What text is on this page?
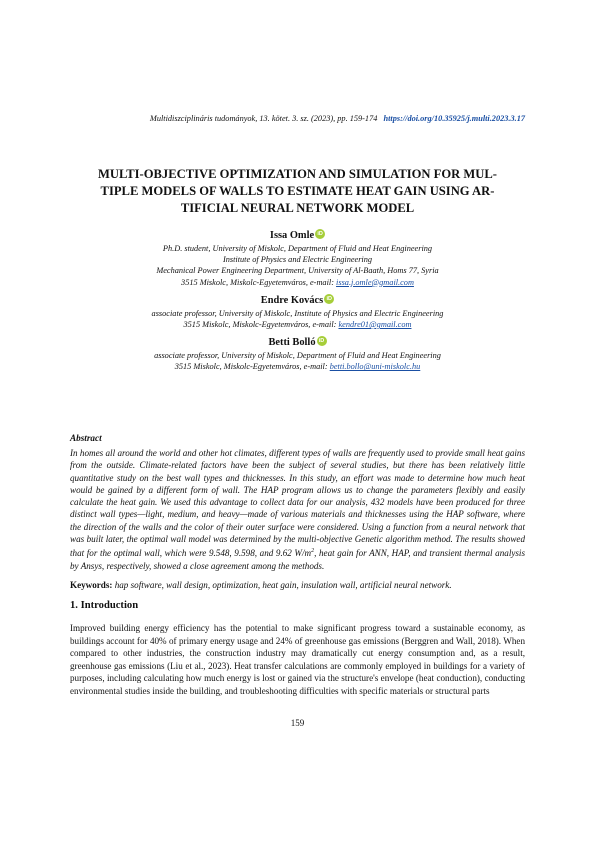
Multidiszciplináris tudományok, 13. kötet. 3. sz. (2023), pp. 159-174 https://doi.org/10.35925/j.multi.2023.3.17
MULTI-OBJECTIVE OPTIMIZATION AND SIMULATION FOR MUL-
TIPLE MODELS OF WALLS TO ESTIMATE HEAT GAIN USING AR-
TIFICIAL NEURAL NETWORK MODEL
Issa Omle iD
Ph.D. student, University of Miskolc, Department of Fluid and Heat Engineering
Institute of Physics and Electric Engineering
Mechanical Power Engineering Department, University of Al-Baath, Homs 77, Syria
3515 Miskolc, Miskolc-Egyetemváros, e-mail: issa.j.omle@gmail.com
Endre Kovács iD
associate professor, University of Miskolc, Institute of Physics and Electric Engineering
3515 Miskolc, Miskolc-Egyetemváros, e-mail: kendre01@gmail.com
Betti Bolló iD
associate professor, University of Miskolc, Department of Fluid and Heat Engineering
3515 Miskolc, Miskolc-Egyetemváros, e-mail: betti.bollo@uni-miskolc.hu
Abstract

In homes all around the world and other hot climates, different types of walls are frequently used to provide small heat gains from the outside. Climate-related factors have been the subject of several studies, but there has been relatively little quantitative study on the best wall types and thicknesses. In this study, an effort was made to determine how much heat would be gained by a different form of wall. The HAP program allows us to change the parameters flexibly and easily calculate the heat gain. We used this advantage to collect data for our analysis, 432 models have been produced for three distinct wall types—light, medium, and heavy—made of various materials and thicknesses using the HAP software, where the direction of the walls and the color of their outer surface were considered. Using a function from a neural network that was built later, the optimal wall model was determined by the multi-objective Genetic algorithm method. The results showed that for the optimal wall, which were 9.548, 9.598, and 9.62 $W/m^2$, heat gain for ANN, HAP, and transient thermal analysis by Ansys, respectively, showed a close agreement among the methods.

Keywords: hap software, wall design, optimization, heat gain, insulation wall, artificial neural network.
1. Introduction

Improved building energy efficiency has the potential to make significant progress toward a sustainable economy, as buildings account for 40% of primary energy usage and 24% of greenhouse gas emissions (Berggren and Wall, 2018). When compared to other industries, the construction industry may dramatically cut energy consumption and, as a result, greenhouse gas emissions (Liu et al., 2023). Heat transfer calculations are commonly employed in buildings for a variety of purposes, including calculating how much energy is lost or gained via the structure's envelope (heat conduction), conducting environmental studies inside the building, and troubleshooting difficulties with specific materials or structural parts

159
